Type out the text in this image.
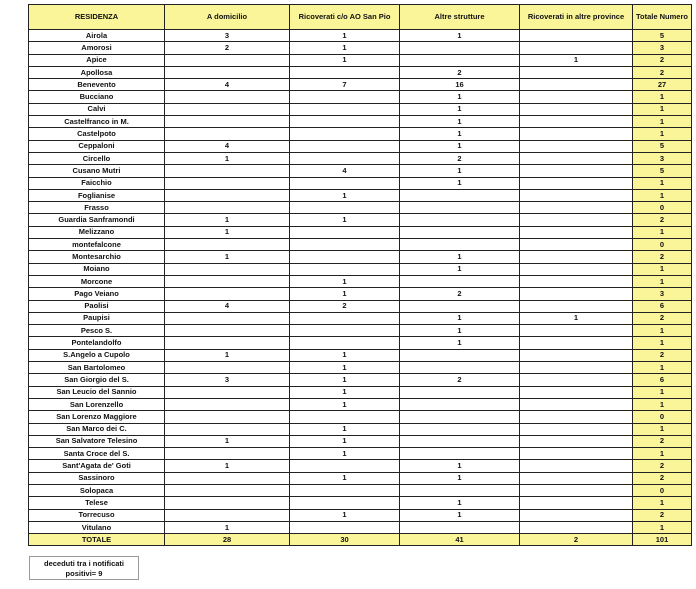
RESIDENZA	A domicilio	Ricoverati c/o AO San Pio	Altre strutture	Ricoverati in altre province	Totale Numero
Airola	3	1	1		5
Amorosi	2	1			3
Apice		1		1	2
Apollosa			2		2
Benevento	4	7	16		27
Bucciano			1		1
Calvi			1		1
Castelfranco in M.			1		1
Castelpoto			1		1
Ceppaloni	4		1		5
Circello	1		2		3
Cusano Mutri		4	1		5
Faicchio			1		1
Foglianise		1			1
Frasso					0
Guardia Sanframondi	1	1			2
Melizzano	1				1
montefalcone					0
Montesarchio	1		1		2
Moiano			1		1
Morcone		1			1
Pago Veiano		1	2		3
Paolisi	4	2			6
Paupisi			1	1	2
Pesco S.			1		1
Pontelandolfo			1		1
S.Angelo a Cupolo	1	1			2
San Bartolomeo		1			1
San Giorgio del S.	3	1	2		6
San Leucio del Sannio		1			1
San Lorenzello		1			1
San Lorenzo Maggiore					0
San Marco dei C.		1			1
San Salvatore Telesino	1	1			2
Santa Croce del S.		1			1
Sant'Agata de' Goti	1		1		2
Sassinoro		1	1		2
Solopaca					0
Telese			1		1
Torrecuso		1	1		2
Vitulano	1				1
TOTALE	28	30	41	2	101
deceduti tra i notificati
positivi= 9
